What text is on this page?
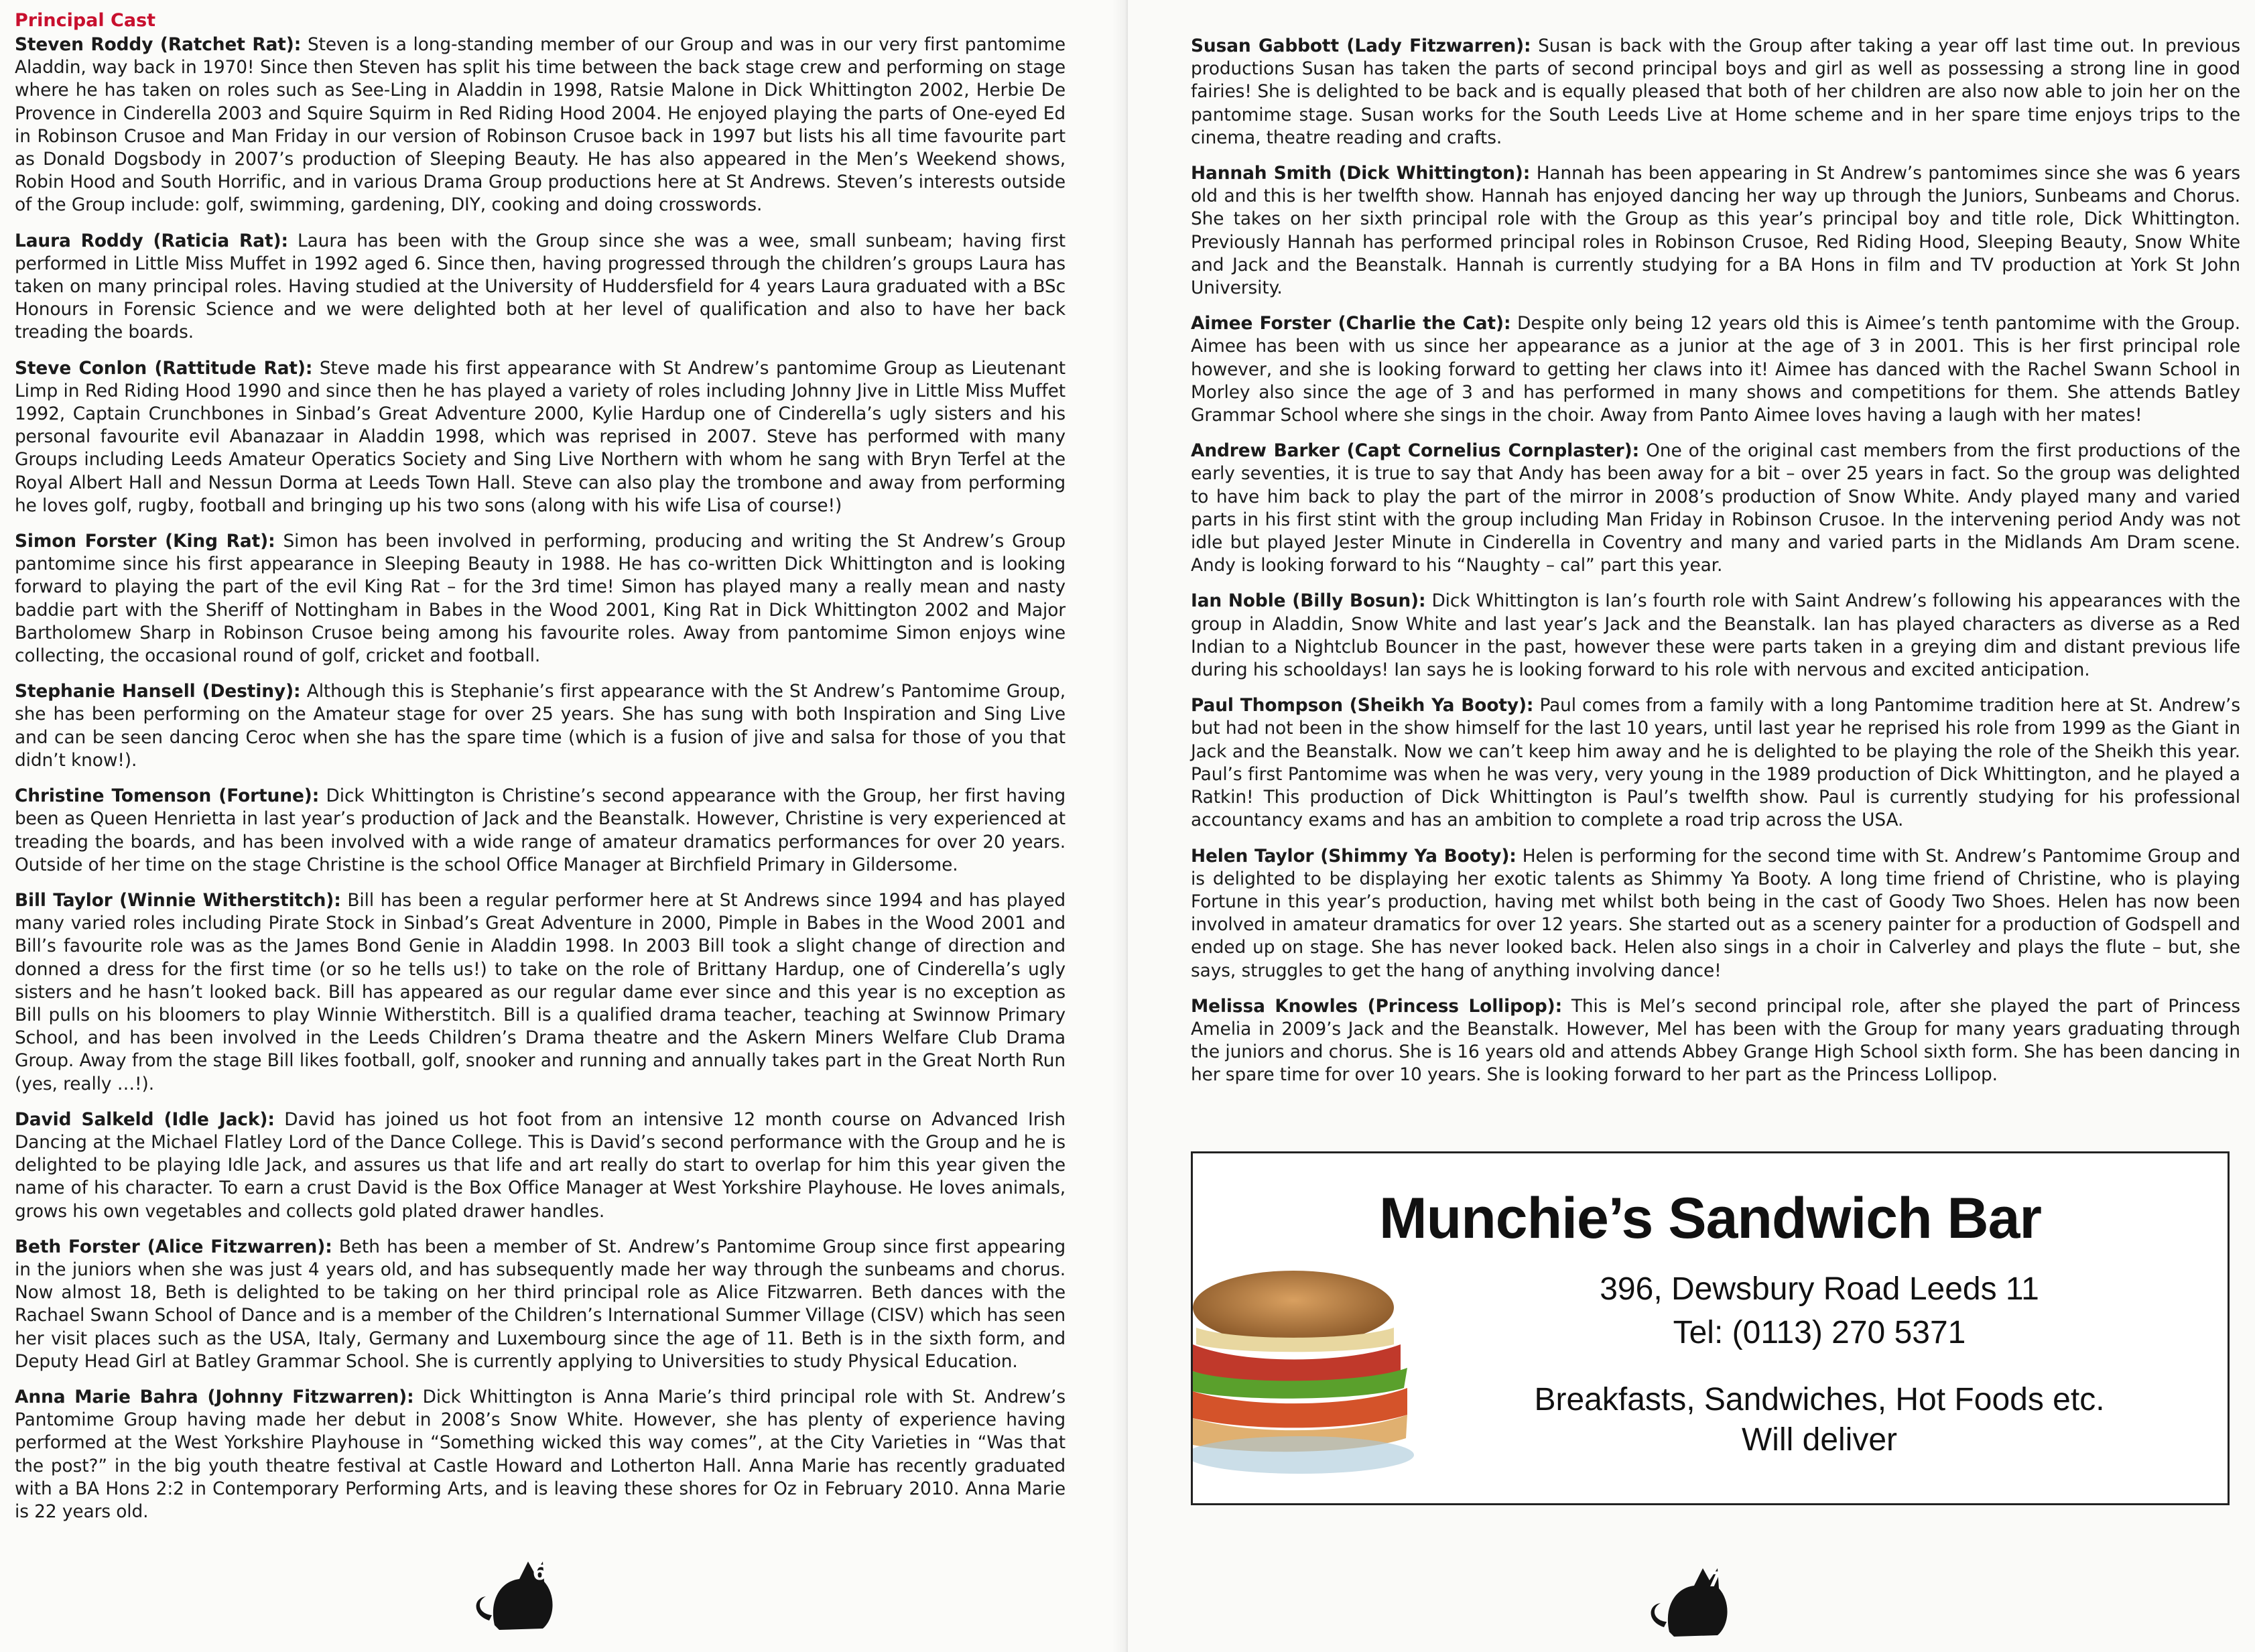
Principal Cast
Steven Roddy (Ratchet Rat): Steven is a long-standing member of our Group and was in our very first pantomime Aladdin, way back in 1970! Since then Steven has split his time between the back stage crew and performing on stage where he has taken on roles such as See-Ling in Aladdin in 1998, Ratsie Malone in Dick Whittington 2002, Herbie De Provence in Cinderella 2003 and Squire Squirm in Red Riding Hood 2004. He enjoyed playing the parts of One-eyed Ed in Robinson Crusoe and Man Friday in our version of Robinson Crusoe back in 1997 but lists his all time favourite part as Donald Dogsbody in 2007’s production of Sleeping Beauty. He has also appeared in the Men’s Weekend shows, Robin Hood and South Horrific, and in various Drama Group productions here at St Andrews. Steven’s interests outside of the Group include: golf, swimming, gardening, DIY, cooking and doing crosswords.
Laura Roddy (Raticia Rat): Laura has been with the Group since she was a wee, small sunbeam; having first performed in Little Miss Muffet in 1992 aged 6. Since then, having progressed through the children’s groups Laura has taken on many principal roles. Having studied at the University of Huddersfield for 4 years Laura graduated with a BSc Honours in Forensic Science and we were delighted both at her level of qualification and also to have her back treading the boards.
Steve Conlon (Rattitude Rat): Steve made his first appearance with St Andrew’s pantomime Group as Lieutenant Limp in Red Riding Hood 1990 and since then he has played a variety of roles including Johnny Jive in Little Miss Muffet 1992, Captain Crunchbones in Sinbad’s Great Adventure 2000, Kylie Hardup one of Cinderella’s ugly sisters and his personal favourite evil Abanazaar in Aladdin 1998, which was reprised in 2007. Steve has performed with many Groups including Leeds Amateur Operatics Society and Sing Live Northern with whom he sang with Bryn Terfel at the Royal Albert Hall and Nessun Dorma at Leeds Town Hall. Steve can also play the trombone and away from performing he loves golf, rugby, football and bringing up his two sons (along with his wife Lisa of course!)
Simon Forster (King Rat): Simon has been involved in performing, producing and writing the St Andrew’s Group pantomime since his first appearance in Sleeping Beauty in 1988. He has co-written Dick Whittington and is looking forward to playing the part of the evil King Rat – for the 3rd time! Simon has played many a really mean and nasty baddie part with the Sheriff of Nottingham in Babes in the Wood 2001, King Rat in Dick Whittington 2002 and Major Bartholomew Sharp in Robinson Crusoe being among his favourite roles. Away from pantomime Simon enjoys wine collecting, the occasional round of golf, cricket and football.
Stephanie Hansell (Destiny): Although this is Stephanie’s first appearance with the St Andrew’s Pantomime Group, she has been performing on the Amateur stage for over 25 years. She has sung with both Inspiration and Sing Live and can be seen dancing Ceroc when she has the spare time (which is a fusion of jive and salsa for those of you that didn’t know!).
Christine Tomenson (Fortune): Dick Whittington is Christine’s second appearance with the Group, her first having been as Queen Henrietta in last year’s production of Jack and the Beanstalk. However, Christine is very experienced at treading the boards, and has been involved with a wide range of amateur dramatics performances for over 20 years. Outside of her time on the stage Christine is the school Office Manager at Birchfield Primary in Gildersome.
Bill Taylor (Winnie Witherstitch): Bill has been a regular performer here at St Andrews since 1994 and has played many varied roles including Pirate Stock in Sinbad’s Great Adventure in 2000, Pimple in Babes in the Wood 2001 and Bill’s favourite role was as the James Bond Genie in Aladdin 1998. In 2003 Bill took a slight change of direction and donned a dress for the first time (or so he tells us!) to take on the role of Brittany Hardup, one of Cinderella’s ugly sisters and he hasn’t looked back. Bill has appeared as our regular dame ever since and this year is no exception as Bill pulls on his bloomers to play Winnie Witherstitch. Bill is a qualified drama teacher, teaching at Swinnow Primary School, and has been involved in the Leeds Children’s Drama theatre and the Askern Miners Welfare Club Drama Group. Away from the stage Bill likes football, golf, snooker and running and annually takes part in the Great North Run (yes, really …!).
David Salkeld (Idle Jack): David has joined us hot foot from an intensive 12 month course on Advanced Irish Dancing at the Michael Flatley Lord of the Dance College. This is David’s second performance with the Group and he is delighted to be playing Idle Jack, and assures us that life and art really do start to overlap for him this year given the name of his character. To earn a crust David is the Box Office Manager at West Yorkshire Playhouse. He loves animals, grows his own vegetables and collects gold plated drawer handles.
Beth Forster (Alice Fitzwarren): Beth has been a member of St. Andrew’s Pantomime Group since first appearing in the juniors when she was just 4 years old, and has subsequently made her way through the sunbeams and chorus. Now almost 18, Beth is delighted to be taking on her third principal role as Alice Fitzwarren. Beth dances with the Rachael Swann School of Dance and is a member of the Children’s International Summer Village (CISV) which has seen her visit places such as the USA, Italy, Germany and Luxembourg since the age of 11. Beth is in the sixth form, and Deputy Head Girl at Batley Grammar School. She is currently applying to Universities to study Physical Education.
Anna Marie Bahra (Johnny Fitzwarren): Dick Whittington is Anna Marie’s third principal role with St. Andrew’s Pantomime Group having made her debut in 2008’s Snow White. However, she has plenty of experience having performed at the West Yorkshire Playhouse in “Something wicked this way comes”, at the City Varieties in “Was that the post?” in the big youth theatre festival at Castle Howard and Lotherton Hall. Anna Marie has recently graduated with a BA Hons 2:2 in Contemporary Performing Arts, and is leaving these shores for Oz in February 2010. Anna Marie is 22 years old.
6
Susan Gabbott (Lady Fitzwarren): Susan is back with the Group after taking a year off last time out. In previous productions Susan has taken the parts of second principal boys and girl as well as possessing a strong line in good fairies! She is delighted to be back and is equally pleased that both of her children are also now able to join her on the pantomime stage. Susan works for the South Leeds Live at Home scheme and in her spare time enjoys trips to the cinema, theatre reading and crafts.
Hannah Smith (Dick Whittington): Hannah has been appearing in St Andrew’s pantomimes since she was 6 years old and this is her twelfth show. Hannah has enjoyed dancing her way up through the Juniors, Sunbeams and Chorus. She takes on her sixth principal role with the Group as this year’s principal boy and title role, Dick Whittington. Previously Hannah has performed principal roles in Robinson Crusoe, Red Riding Hood, Sleeping Beauty, Snow White and Jack and the Beanstalk. Hannah is currently studying for a BA Hons in film and TV production at York St John University.
Aimee Forster (Charlie the Cat): Despite only being 12 years old this is Aimee’s tenth pantomime with the Group. Aimee has been with us since her appearance as a junior at the age of 3 in 2001. This is her first principal role however, and she is looking forward to getting her claws into it! Aimee has danced with the Rachel Swann School in Morley also since the age of 3 and has performed in many shows and competitions for them. She attends Batley Grammar School where she sings in the choir. Away from Panto Aimee loves having a laugh with her mates!
Andrew Barker (Capt Cornelius Cornplaster): One of the original cast members from the first productions of the early seventies, it is true to say that Andy has been away for a bit – over 25 years in fact. So the group was delighted to have him back to play the part of the mirror in 2008’s production of Snow White. Andy played many and varied parts in his first stint with the group including Man Friday in Robinson Crusoe. In the intervening period Andy was not idle but played Jester Minute in Cinderella in Coventry and many and varied parts in the Midlands Am Dram scene. Andy is looking forward to his “Naughty – cal” part this year.
Ian Noble (Billy Bosun): Dick Whittington is Ian’s fourth role with Saint Andrew’s following his appearances with the group in Aladdin, Snow White and last year’s Jack and the Beanstalk. Ian has played characters as diverse as a Red Indian to a Nightclub Bouncer in the past, however these were parts taken in a greying dim and distant previous life during his schooldays! Ian says he is looking forward to his role with nervous and excited anticipation.
Paul Thompson (Sheikh Ya Booty): Paul comes from a family with a long Pantomime tradition here at St. Andrew’s but had not been in the show himself for the last 10 years, until last year he reprised his role from 1999 as the Giant in Jack and the Beanstalk. Now we can’t keep him away and he is delighted to be playing the role of the Sheikh this year. Paul’s first Pantomime was when he was very, very young in the 1989 production of Dick Whittington, and he played a Ratkin! This production of Dick Whittington is Paul’s twelfth show. Paul is currently studying for his professional accountancy exams and has an ambition to complete a road trip across the USA.
Helen Taylor (Shimmy Ya Booty): Helen is performing for the second time with St. Andrew’s Pantomime Group and is delighted to be displaying her exotic talents as Shimmy Ya Booty. A long time friend of Christine, who is playing Fortune in this year’s production, having met whilst both being in the cast of Goody Two Shoes. Helen has now been involved in amateur dramatics for over 12 years. She started out as a scenery painter for a production of Godspell and ended up on stage. She has never looked back. Helen also sings in a choir in Calverley and plays the flute – but, she says, struggles to get the hang of anything involving dance!
Melissa Knowles (Princess Lollipop): This is Mel’s second principal role, after she played the part of Princess Amelia in 2009’s Jack and the Beanstalk. However, Mel has been with the Group for many years graduating through the juniors and chorus. She is 16 years old and attends Abbey Grange High School sixth form. She has been dancing in her spare time for over 10 years. She is looking forward to her part as the Princess Lollipop.
Munchie’s Sandwich Bar
396, Dewsbury Road Leeds 11
Tel: (0113) 270 5371
Breakfasts, Sandwiches, Hot Foods etc.
Will deliver
7
